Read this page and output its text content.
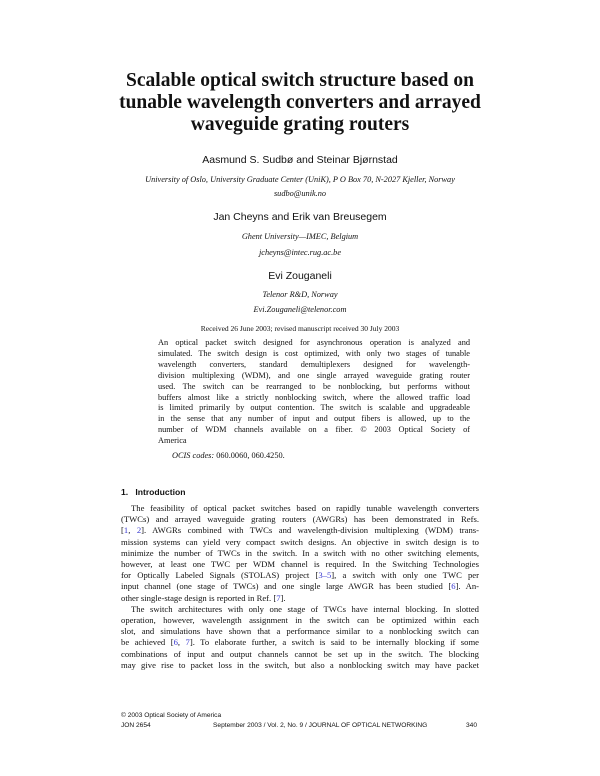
Scalable optical switch structure based on
tunable wavelength converters and arrayed
waveguide grating routers
Aasmund S. Sudbø and Steinar Bjørnstad
University of Oslo, University Graduate Center (UniK), P O Box 70, N-2027 Kjeller, Norway
sudbo@unik.no
Jan Cheyns and Erik van Breusegem
Ghent University—IMEC, Belgium
jcheyns@intec.rug.ac.be
Evi Zouganeli
Telenor R&D, Norway
Evi.Zouganeli@telenor.com
Received 26 June 2003; revised manuscript received 30 July 2003
An optical packet switch designed for asynchronous operation is analyzed and
simulated. The switch design is cost optimized, with only two stages of tunable
wavelength converters, standard demultiplexers designed for wavelength-
division multiplexing (WDM), and one single arrayed waveguide grating router
used. The switch can be rearranged to be nonblocking, but performs without
buffers almost like a strictly nonblocking switch, where the allowed traffic load
is limited primarily by output contention. The switch is scalable and upgradeable
in the sense that any number of input and output fibers is allowed, up to the
number of WDM channels available on a fiber. © 2003 Optical Society of
America
OCIS codes: 060.0060, 060.4250.
1. Introduction
The feasibility of optical packet switches based on rapidly tunable wavelength converters
(TWCs) and arrayed waveguide grating routers (AWGRs) has been demonstrated in Refs.
[1, 2]. AWGRs combined with TWCs and wavelength-division multiplexing (WDM) trans-
mission systems can yield very compact switch designs. An objective in switch design is to
minimize the number of TWCs in the switch. In a switch with no other switching elements,
however, at least one TWC per WDM channel is required. In the Switching Technologies
for Optically Labeled Signals (STOLAS) project [3–5], a switch with only one TWC per
input channel (one stage of TWCs) and one single large AWGR has been studied [6]. An-
other single-stage design is reported in Ref. [7].
The switch architectures with only one stage of TWCs have internal blocking. In slotted
operation, however, wavelength assignment in the switch can be optimized within each
slot, and simulations have shown that a performance similar to a nonblocking switch can
be achieved [6, 7]. To elaborate further, a switch is said to be internally blocking if some
combinations of input and output channels cannot be set up in the switch. The blocking
may give rise to packet loss in the switch, but also a nonblocking switch may have packet
© 2003 Optical Society of America
JON 2654	September 2003 / Vol. 2, No. 9 / JOURNAL OF OPTICAL NETWORKING	340
